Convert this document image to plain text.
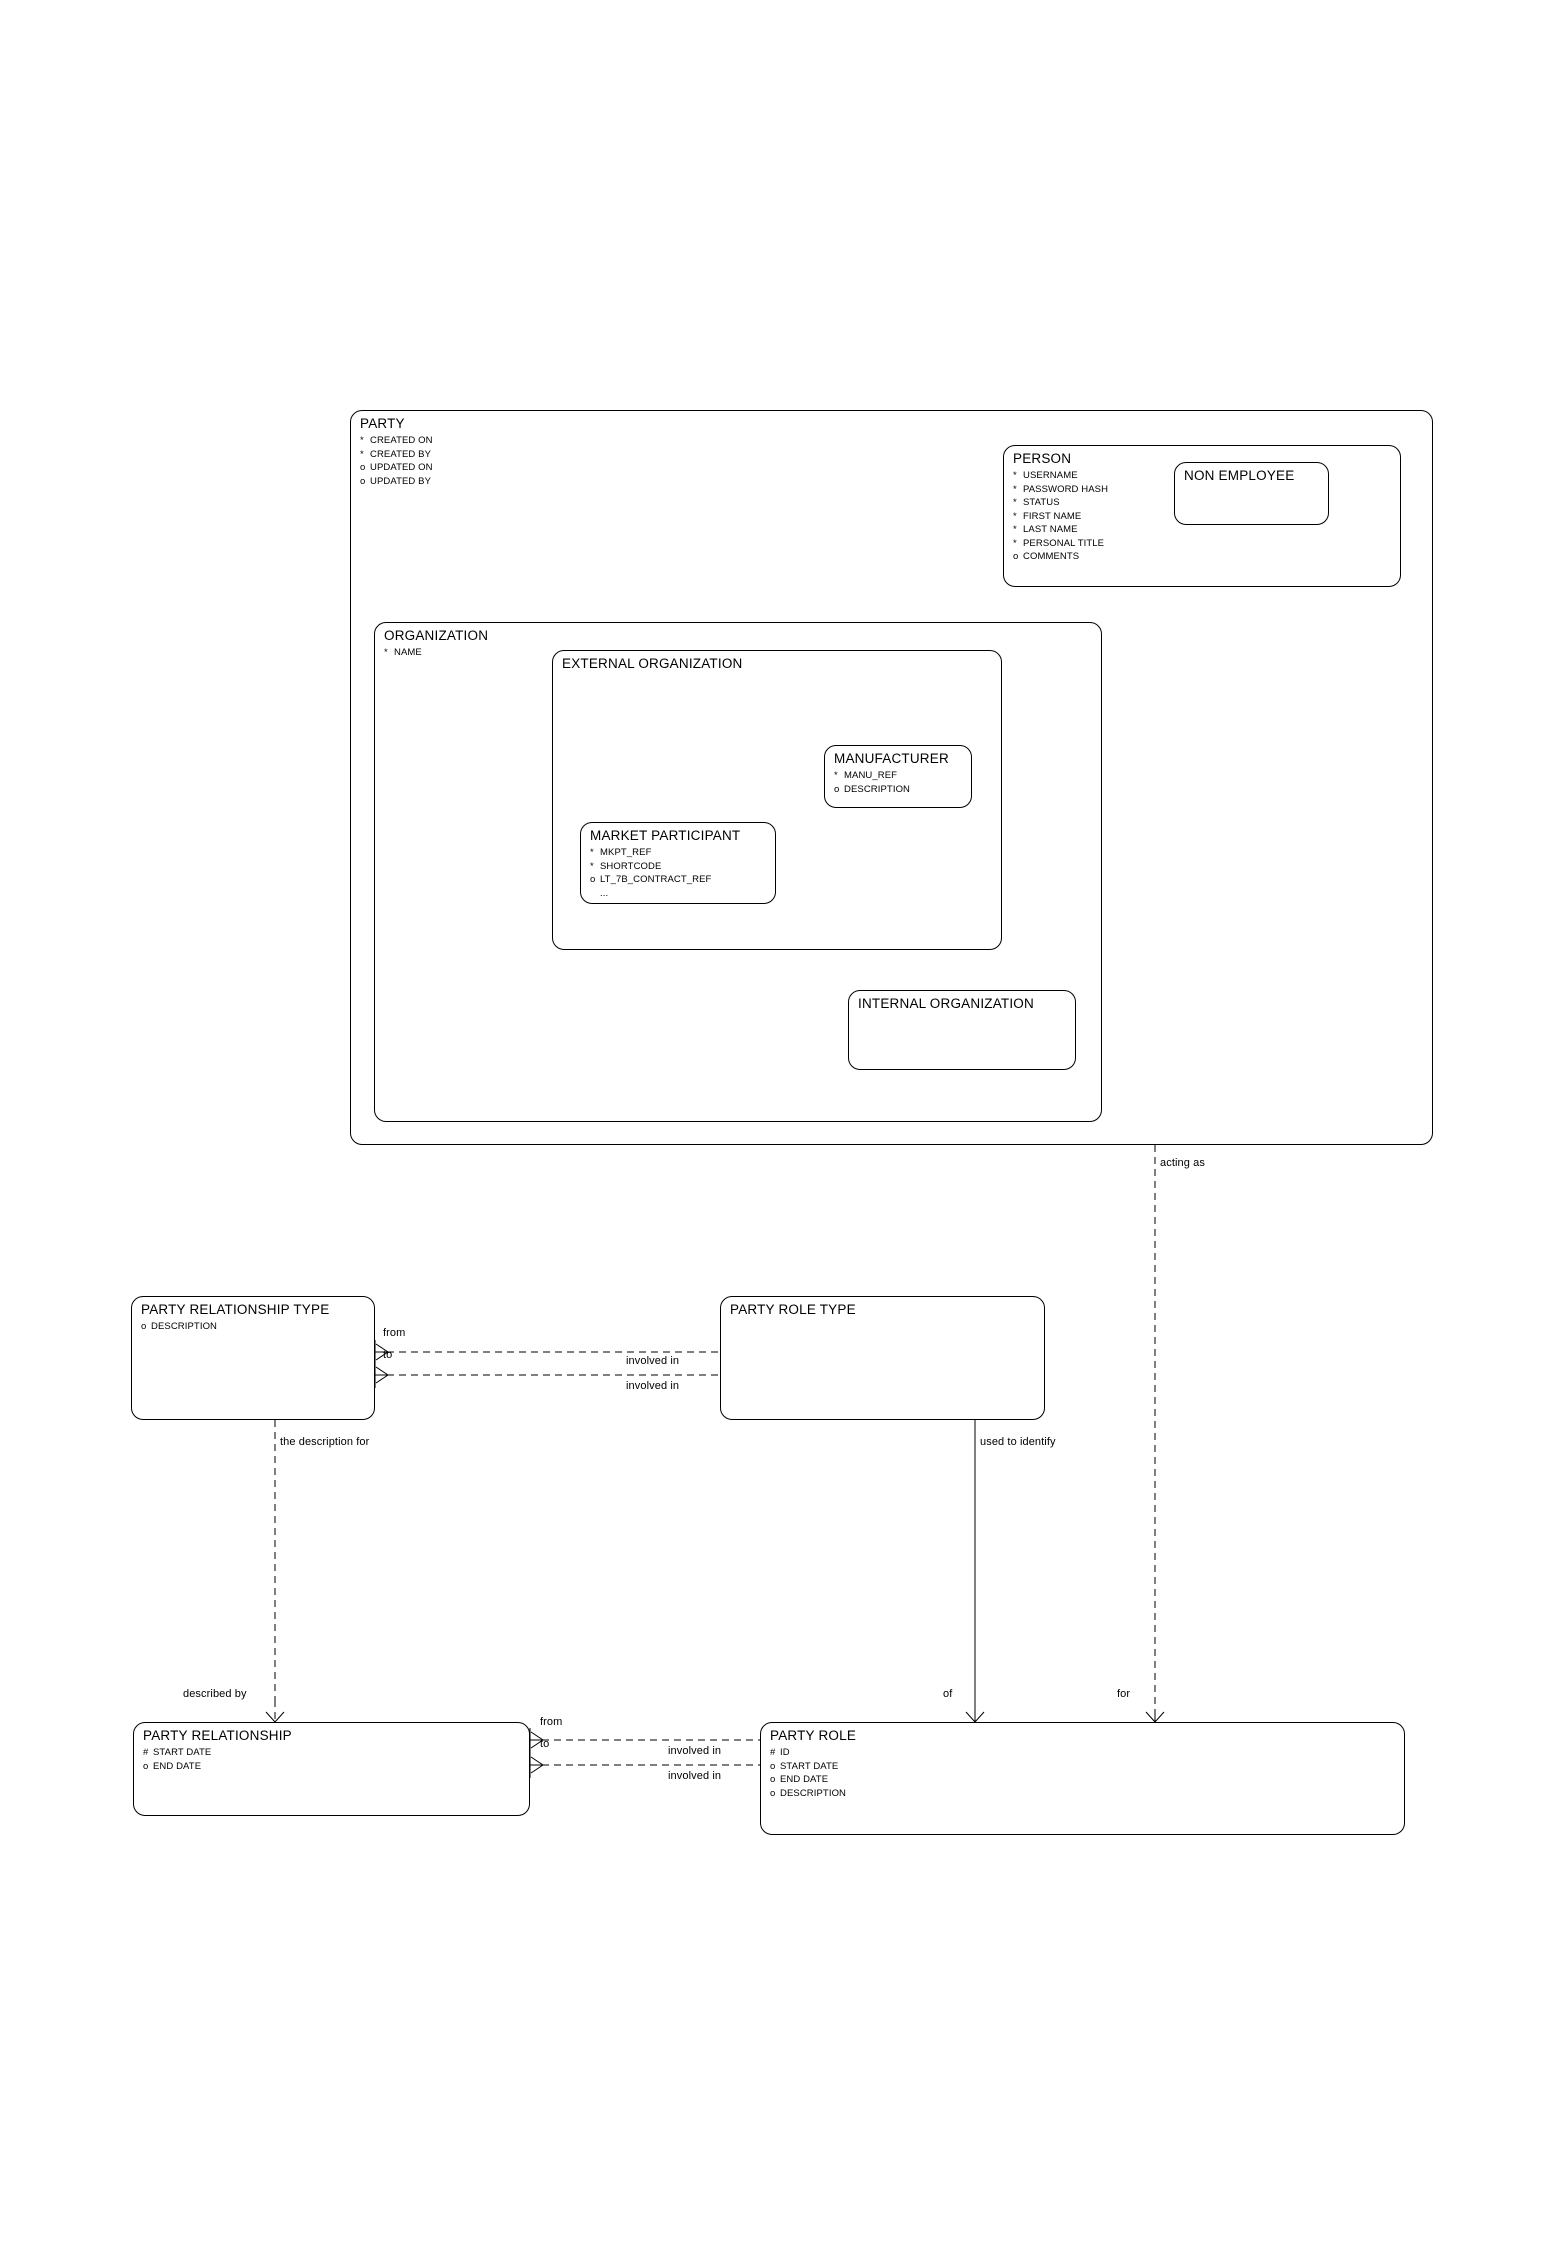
PARTY
* CREATED ON
* CREATED BY
o UPDATED ON
o UPDATED BY
PERSON
* USERNAME
* PASSWORD HASH
* STATUS
* FIRST NAME
* LAST NAME
* PERSONAL TITLE
o COMMENTS
NON EMPLOYEE
ORGANIZATION
* NAME
EXTERNAL ORGANIZATION
MANUFACTURER
* MANU_REF
o DESCRIPTION
MARKET PARTICIPANT
* MKPT_REF
* SHORTCODE
o LT_7B_CONTRACT_REF
...
INTERNAL ORGANIZATION
PARTY RELATIONSHIP TYPE
o DESCRIPTION
PARTY ROLE TYPE
PARTY RELATIONSHIP
# START DATE
o END DATE
PARTY ROLE
# ID
o START DATE
o END DATE
o DESCRIPTION
acting as
from
to	involved in
involved in
the description for	used to identify
described by	of	for
from
to
involved in
involved in
